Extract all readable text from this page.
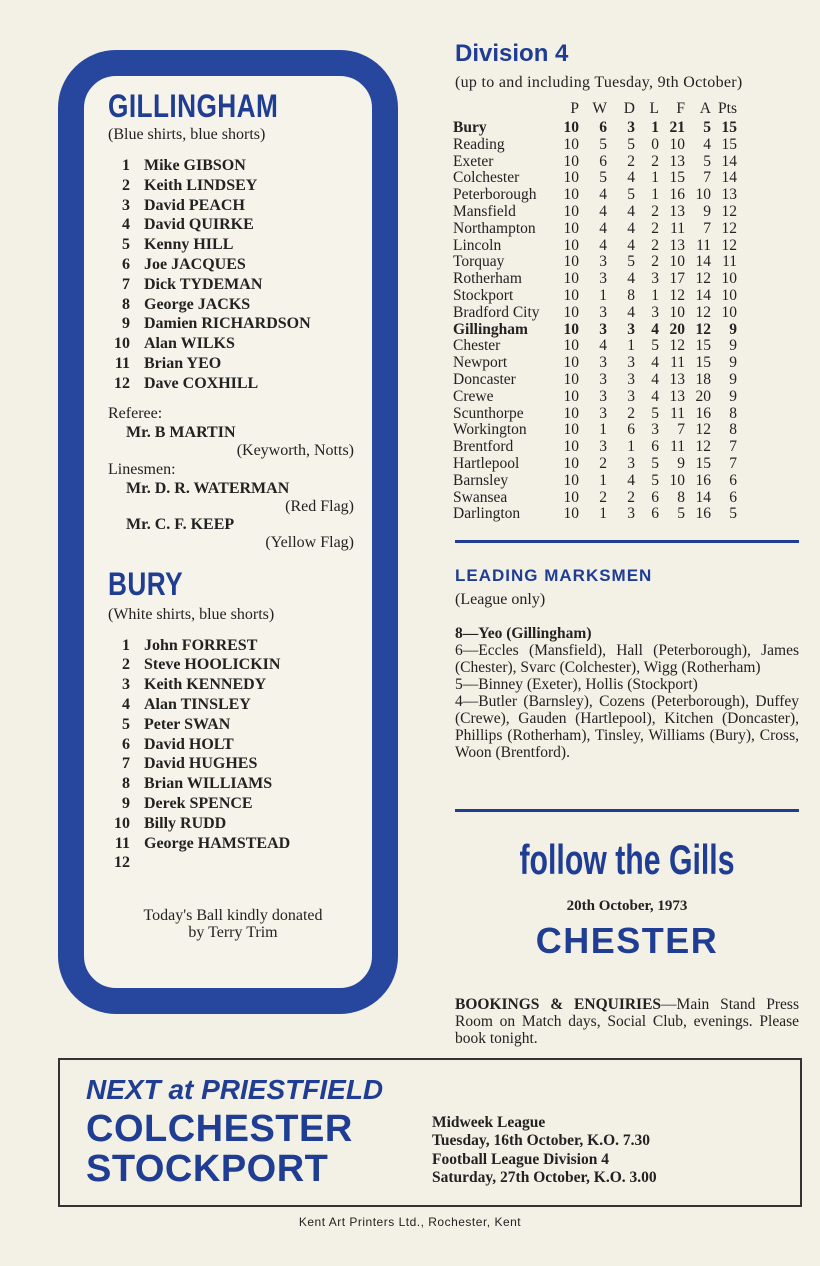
GILLINGHAM
(Blue shirts, blue shorts)
1 Mike GIBSON
2 Keith LINDSEY
3 David PEACH
4 David QUIRKE
5 Kenny HILL
6 Joe JACQUES
7 Dick TYDEMAN
8 George JACKS
9 Damien RICHARDSON
10 Alan WILKS
11 Brian YEO
12 Dave COXHILL
Referee:
Mr. B MARTIN
(Keyworth, Notts)
Linesmen:
Mr. D. R. WATERMAN
(Red Flag)
Mr. C. F. KEEP
(Yellow Flag)
BURY
(White shirts, blue shorts)
1 John FORREST
2 Steve HOOLICKIN
3 Keith KENNEDY
4 Alan TINSLEY
5 Peter SWAN
6 David HOLT
7 David HUGHES
8 Brian WILLIAMS
9 Derek SPENCE
10 Billy RUDD
11 George HAMSTEAD
12
Today's Ball kindly donated
by Terry Trim
Division 4
(up to and including Tuesday, 9th October)
	P	W	D	L	F	A	Pts
Bury	10	6	3	1	21	5	15
Reading	10	5	5	0	10	4	15
Exeter	10	6	2	2	13	5	14
Colchester	10	5	4	1	15	7	14
Peterborough	10	4	5	1	16	10	13
Mansfield	10	4	4	2	13	9	12
Northampton	10	4	4	2	11	7	12
Lincoln	10	4	4	2	13	11	12
Torquay	10	3	5	2	10	14	11
Rotherham	10	3	4	3	17	12	10
Stockport	10	1	8	1	12	14	10
Bradford City	10	3	4	3	10	12	10
Gillingham	10	3	3	4	20	12	9
Chester	10	4	1	5	12	15	9
Newport	10	3	3	4	11	15	9
Doncaster	10	3	3	4	13	18	9
Crewe	10	3	3	4	13	20	9
Scunthorpe	10	3	2	5	11	16	8
Workington	10	1	6	3	7	12	8
Brentford	10	3	1	6	11	12	7
Hartlepool	10	2	3	5	9	15	7
Barnsley	10	1	4	5	10	16	6
Swansea	10	2	2	6	8	14	6
Darlington	10	1	3	6	5	16	5
LEADING MARKSMEN
(League only)

8—Yeo (Gillingham)

6—Eccles (Mansfield), Hall (Peterborough), James (Chester), Svarc (Colchester), Wigg (Rotherham)

5—Binney (Exeter), Hollis (Stockport)

4—Butler (Barnsley), Cozens (Peterborough), Duffey (Crewe), Gauden (Hartlepool), Kitchen (Doncaster), Phillips (Rotherham), Tinsley, Williams (Bury), Cross, Woon (Brentford).

follow the Gills
20th October, 1973
CHESTER
BOOKINGS & ENQUIRIES—Main Stand Press Room on Match days, Social Club, evenings. Please book tonight.
NEXT at PRIESTFIELD
COLCHESTER
STOCKPORT
Midweek League
Tuesday, 16th October, K.O. 7.30
Football League Division 4
Saturday, 27th October, K.O. 3.00
Kent Art Printers Ltd., Rochester, Kent
